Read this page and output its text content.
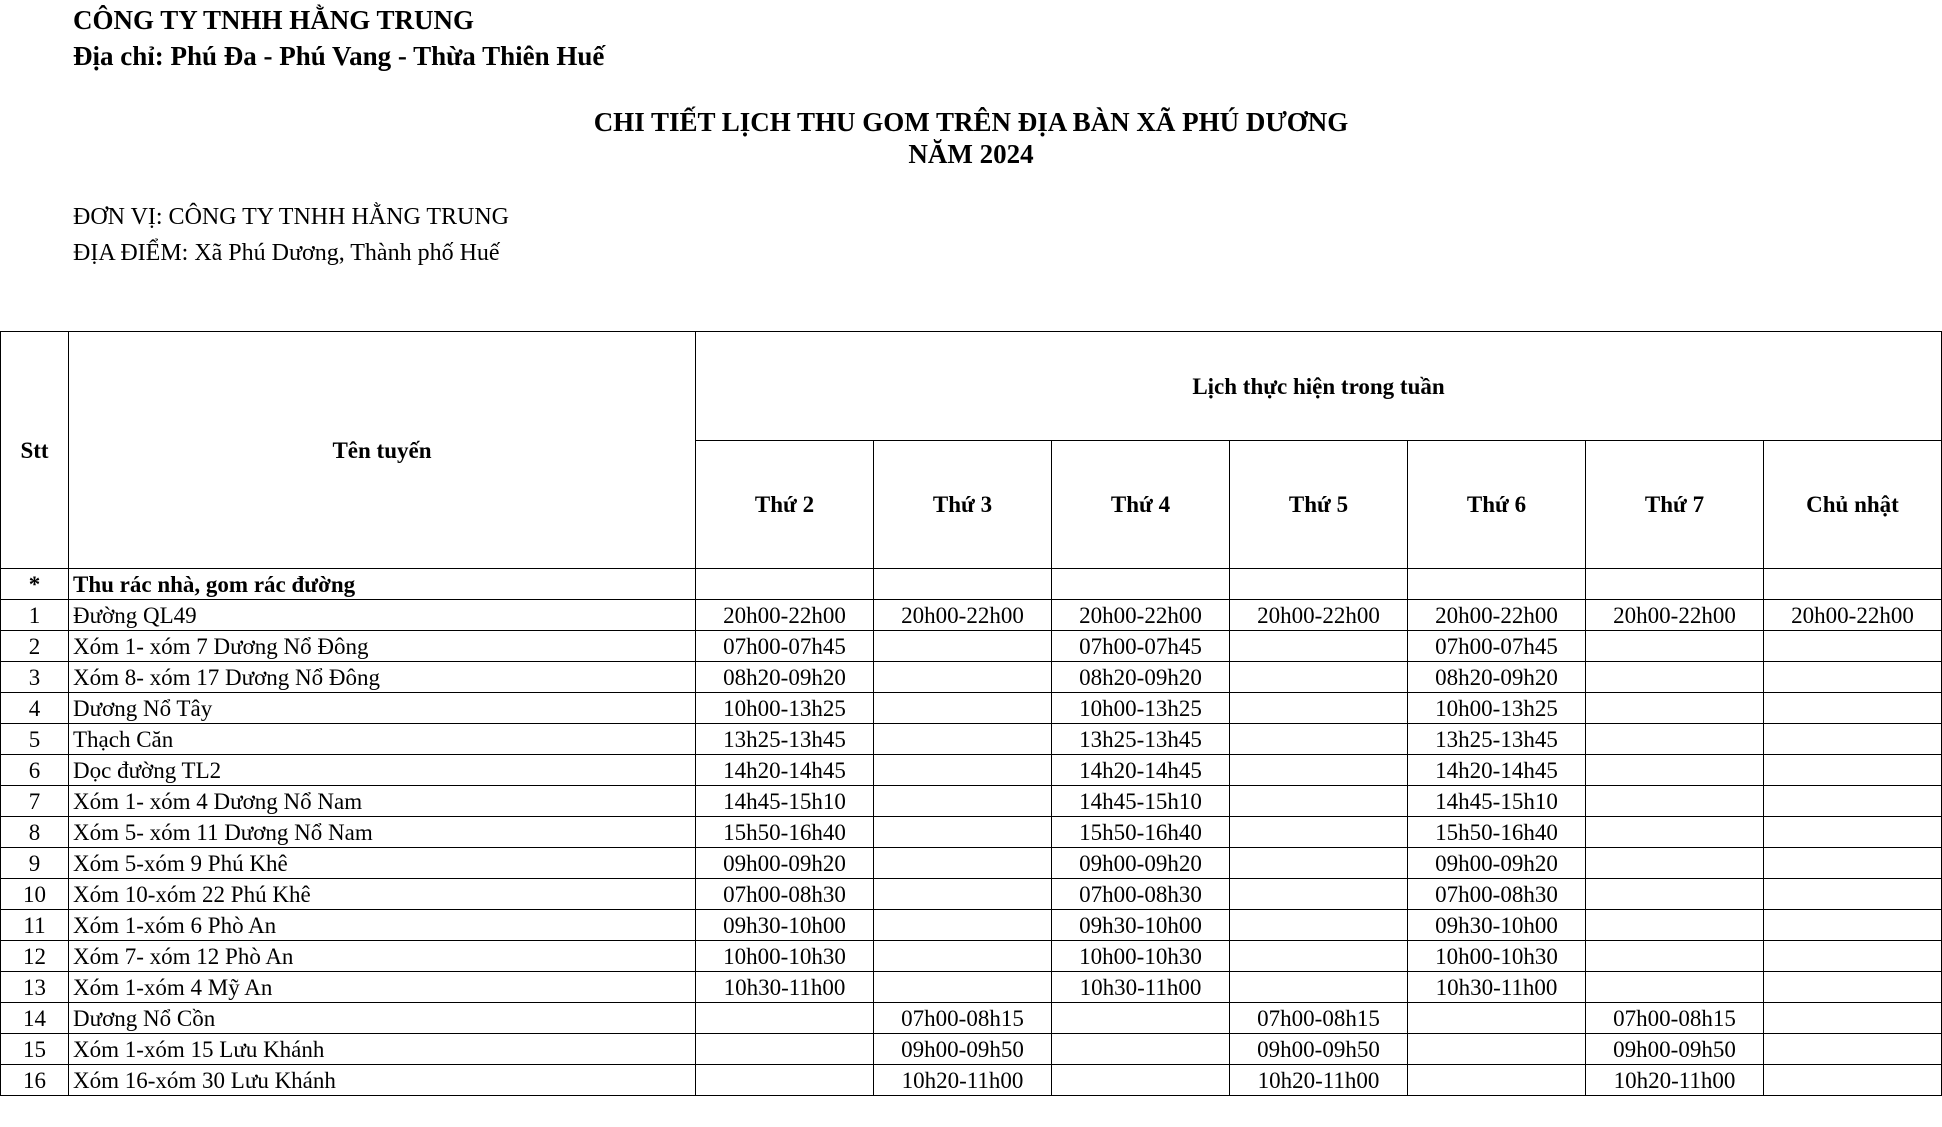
CÔNG TY TNHH HẰNG TRUNG
Địa chỉ: Phú Đa - Phú Vang - Thừa Thiên Huế
CHI TIẾT LỊCH THU GOM TRÊN ĐỊA BÀN XÃ PHÚ DƯƠNG
NĂM 2024
ĐƠN VỊ: CÔNG TY TNHH HẰNG TRUNG
ĐỊA ĐIỂM: Xã Phú Dương, Thành phố Huế
Stt	Tên tuyến	Lịch thực hiện trong tuần						
		Thứ 2	Thứ 3	Thứ 4	Thứ 5	Thứ 6	Thứ 7	Chủ nhật
*	Thu rác nhà, gom rác đường							
1	Đường QL49	20h00-22h00	20h00-22h00	20h00-22h00	20h00-22h00	20h00-22h00	20h00-22h00	20h00-22h00
2	Xóm 1- xóm 7 Dương Nổ Đông	07h00-07h45		07h00-07h45		07h00-07h45		
3	Xóm 8- xóm 17 Dương Nổ Đông	08h20-09h20		08h20-09h20		08h20-09h20		
4	Dương Nổ Tây	10h00-13h25		10h00-13h25		10h00-13h25		
5	Thạch Căn	13h25-13h45		13h25-13h45		13h25-13h45		
6	Dọc đường TL2	14h20-14h45		14h20-14h45		14h20-14h45		
7	Xóm 1- xóm 4 Dương Nổ Nam	14h45-15h10		14h45-15h10		14h45-15h10		
8	Xóm 5- xóm 11 Dương Nổ Nam	15h50-16h40		15h50-16h40		15h50-16h40		
9	Xóm 5-xóm 9 Phú Khê	09h00-09h20		09h00-09h20		09h00-09h20		
10	Xóm 10-xóm 22 Phú Khê	07h00-08h30		07h00-08h30		07h00-08h30		
11	Xóm 1-xóm 6 Phò An	09h30-10h00		09h30-10h00		09h30-10h00		
12	Xóm 7- xóm 12 Phò An	10h00-10h30		10h00-10h30		10h00-10h30		
13	Xóm 1-xóm 4 Mỹ An	10h30-11h00		10h30-11h00		10h30-11h00		
14	Dương Nổ Cồn		07h00-08h15		07h00-08h15		07h00-08h15	
15	Xóm 1-xóm 15 Lưu Khánh		09h00-09h50		09h00-09h50		09h00-09h50	
16	Xóm 16-xóm 30 Lưu Khánh		10h20-11h00		10h20-11h00		10h20-11h00	
